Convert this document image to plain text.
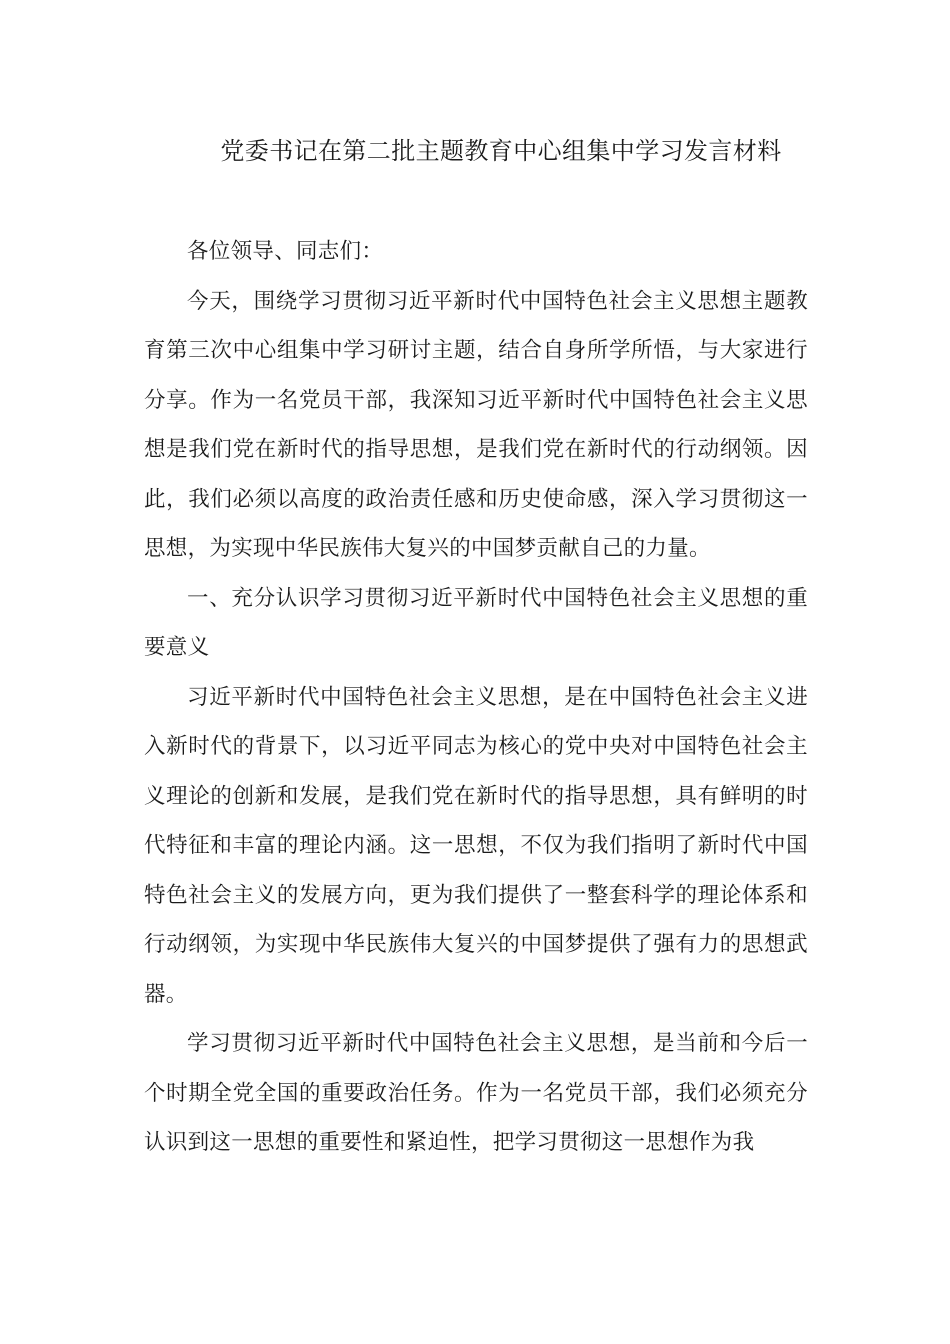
党委书记在第二批主题教育中心组集中学习发言材料

各位领导、同志们：

今天，围绕学习贯彻习近平新时代中国特色社会主义思想主题教育第三次中心组集中学习研讨主题，结合自身所学所悟，与大家进行分享。作为一名党员干部，我深知习近平新时代中国特色社会主义思想是我们党在新时代的指导思想，是我们党在新时代的行动纲领。因此，我们必须以高度的政治责任感和历史使命感，深入学习贯彻这一思想，为实现中华民族伟大复兴的中国梦贡献自己的力量。

一、充分认识学习贯彻习近平新时代中国特色社会主义思想的重要意义

习近平新时代中国特色社会主义思想，是在中国特色社会主义进入新时代的背景下，以习近平同志为核心的党中央对中国特色社会主义理论的创新和发展，是我们党在新时代的指导思想，具有鲜明的时代特征和丰富的理论内涵。这一思想，不仅为我们指明了新时代中国特色社会主义的发展方向，更为我们提供了一整套科学的理论体系和行动纲领，为实现中华民族伟大复兴的中国梦提供了强有力的思想武器。

学习贯彻习近平新时代中国特色社会主义思想，是当前和今后一个时期全党全国的重要政治任务。作为一名党员干部，我们必须充分认识到这一思想的重要性和紧迫性，把学习贯彻这一思想作为我
